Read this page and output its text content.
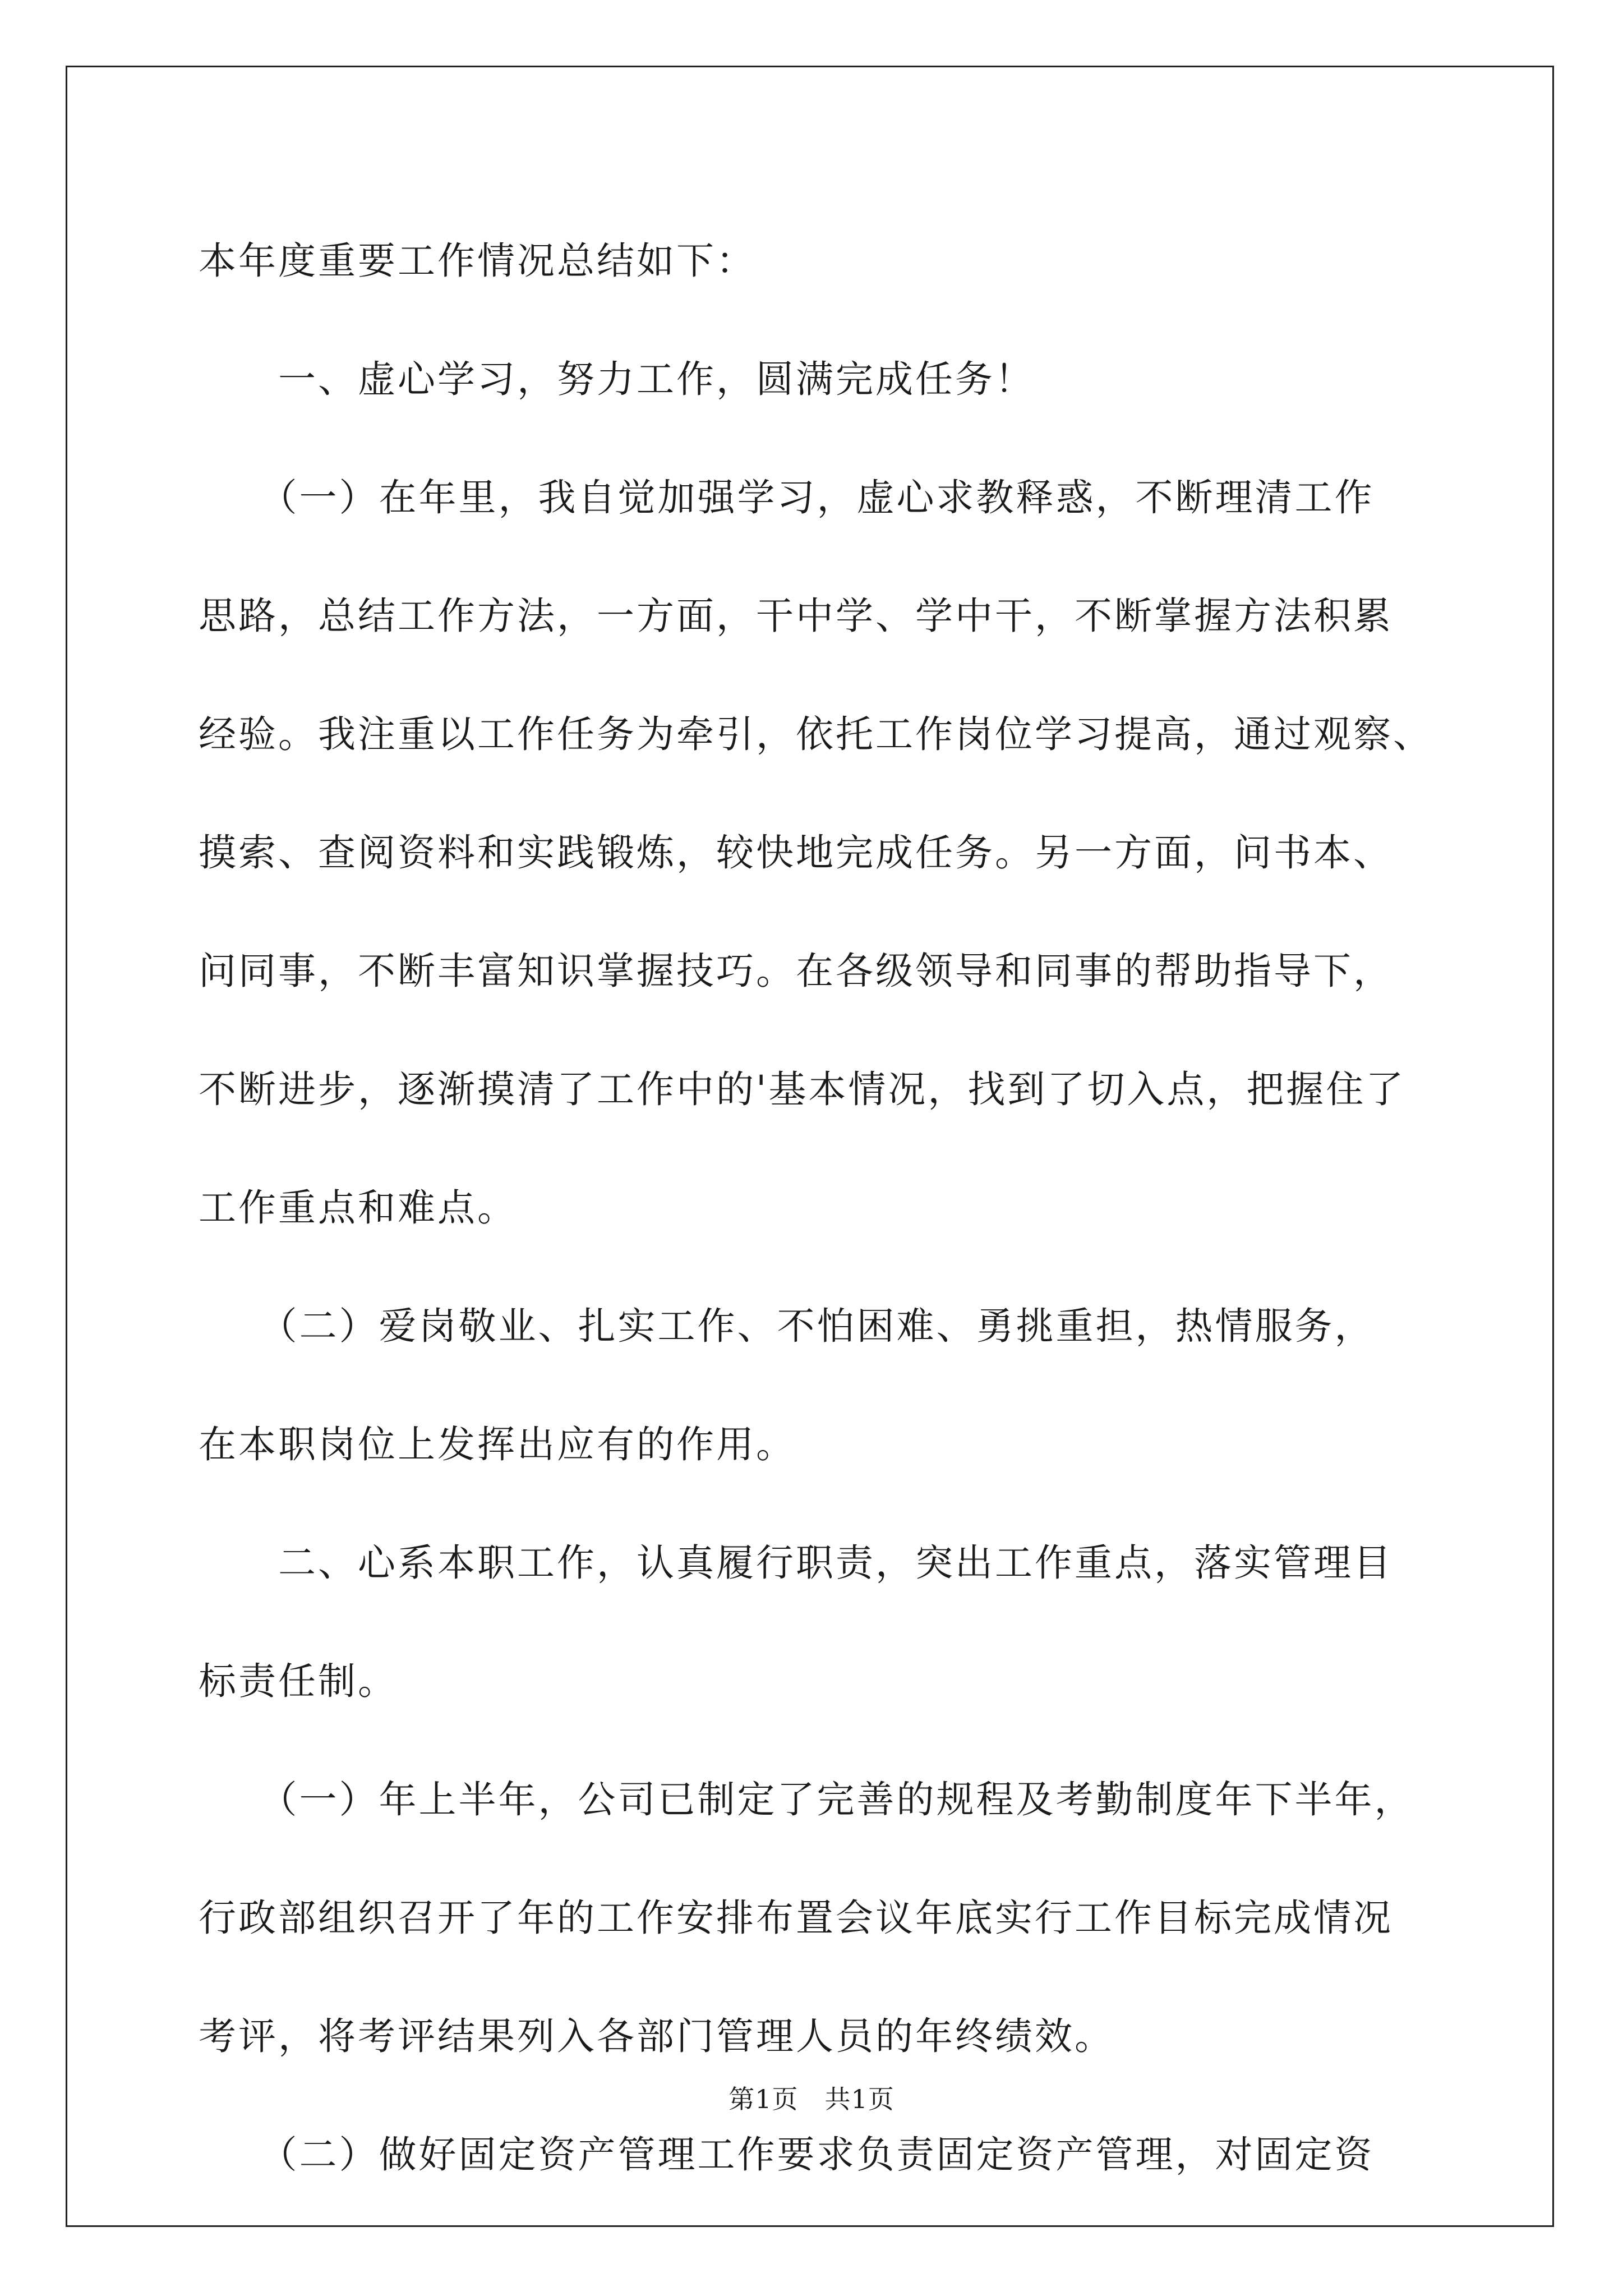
本年度重要工作情况总结如下：
　　一、虚心学习，努力工作，圆满完成任务！
　　（一）在年里，我自觉加强学习，虚心求教释惑，不断理清工作
思路，总结工作方法，一方面，干中学、学中干，不断掌握方法积累
经验。我注重以工作任务为牵引，依托工作岗位学习提高，通过观察、
摸索、查阅资料和实践锻炼，较快地完成任务。另一方面，问书本、
问同事，不断丰富知识掌握技巧。在各级领导和同事的帮助指导下，
不断进步，逐渐摸清了工作中的'基本情况，找到了切入点，把握住了
工作重点和难点。
　　（二）爱岗敬业、扎实工作、不怕困难、勇挑重担，热情服务，
在本职岗位上发挥出应有的作用。
　　二、心系本职工作，认真履行职责，突出工作重点，落实管理目
标责任制。
　　（一）年上半年，公司已制定了完善的规程及考勤制度年下半年，
行政部组织召开了年的工作安排布置会议年底实行工作目标完成情况
考评，将考评结果列入各部门管理人员的年终绩效。
　　（二）做好固定资产管理工作要求负责固定资产管理，对固定资
第1页　共1页
